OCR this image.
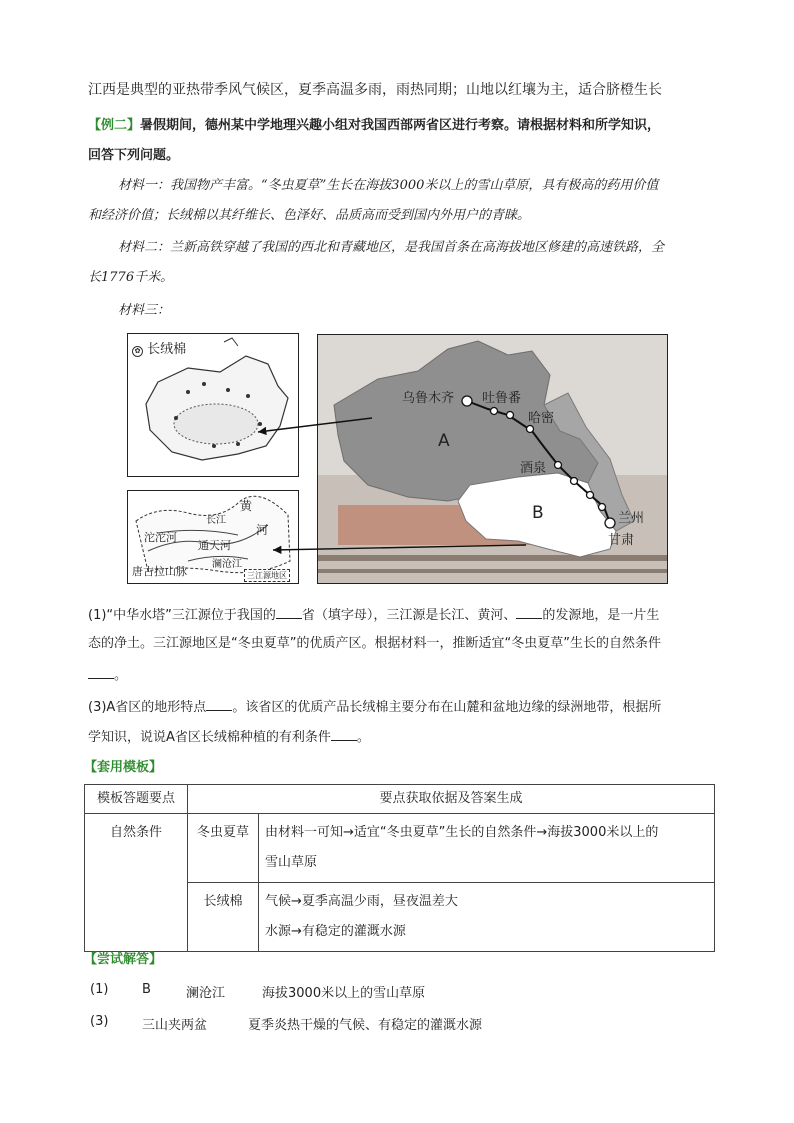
江西是典型的亚热带季风气候区，夏季高温多雨，雨热同期；山地以红壤为主，适合脐橙生长
【例二】暑假期间，德州某中学地理兴趣小组对我国西部两省区进行考察。请根据材料和所学知识，
回答下列问题。
材料一：我国物产丰富。“冬虫夏草”生长在海拔3000米以上的雪山草原，具有极高的药用价值
和经济价值；长绒棉以其纤维长、色泽好、品质高而受到国内外用户的青睐。
材料二：兰新高铁穿越了我国的西北和青藏地区，是我国首条在高海拔地区修建的高速铁路，全
长1776千米。
材料三：
✿ 长绒棉
黄
河
长江
沱沱河
通天河
澜沧江
唐古拉山脉	三江源地区
乌鲁木齐 吐鲁番
哈密
酒泉
兰州
甘肃
A
B
(1)“中华水塔”三江源位于我国的 省（填字母），三江源是长江、黄河、 的发源地，是一片生
态的净土。三江源地区是“冬虫夏草”的优质产区。根据材料一，推断适宜“冬虫夏草”生长的自然条件
。
(3)A省区的地形特点 。该省区的优质产品长绒棉主要分布在山麓和盆地边缘的绿洲地带，根据所
学知识，说说A省区长绒棉种植的有利条件 。
【套用模板】
模板答题要点	要点获取依据及答案生成	
自然条件	冬虫夏草	由材料一可知→适宜“冬虫夏草”生长的自然条件→海拔3000米以上的
雪山草原

	长绒棉	气候→夏季高温少雨，昼夜温差大
水源→有稳定的灌溉水源
【尝试解答】
(1)	B	澜沧江	海拔3000米以上的雪山草原
(3)	三山夹两盆	夏季炎热干燥的气候、有稳定的灌溉水源
